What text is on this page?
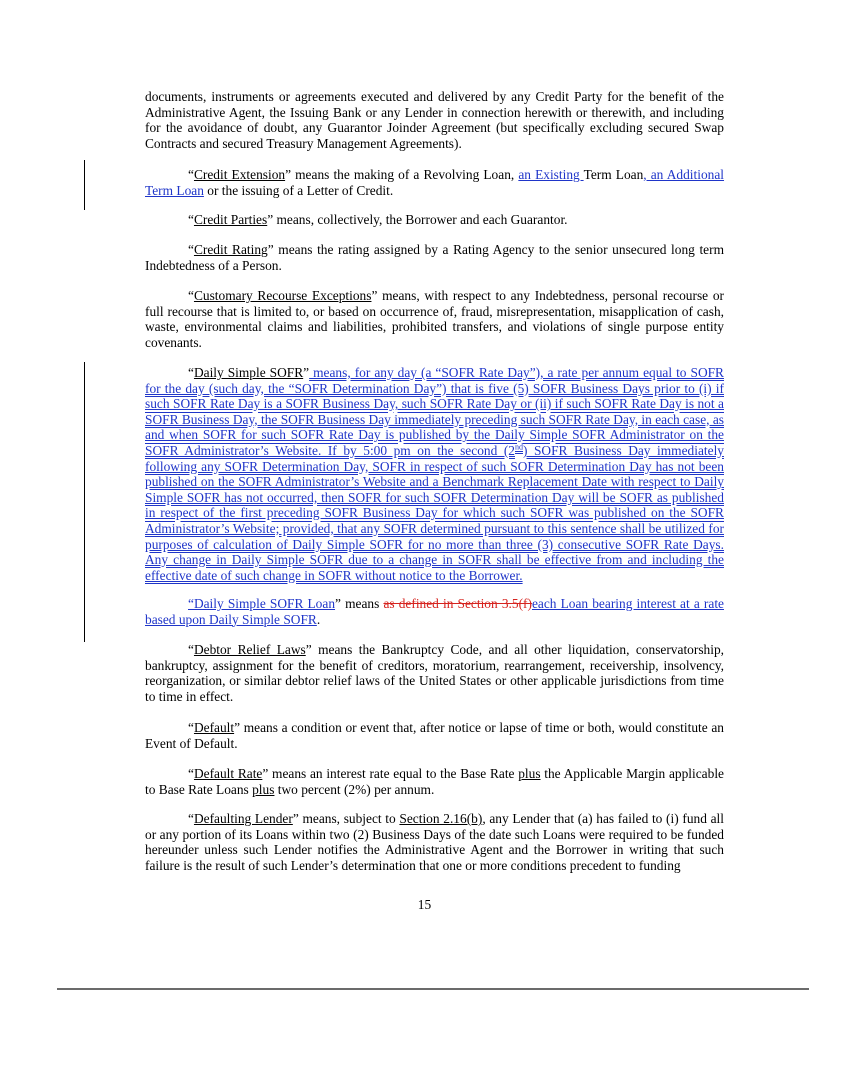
documents, instruments or agreements executed and delivered by any Credit Party for the benefit of the Administrative Agent, the Issuing Bank or any Lender in connection herewith or therewith, and including for the avoidance of doubt, any Guarantor Joinder Agreement (but specifically excluding secured Swap Contracts and secured Treasury Management Agreements).

“Credit Extension” means the making of a Revolving Loan, an Existing Term Loan, an Additional Term Loan or the issuing of a Letter of Credit.

“Credit Parties” means, collectively, the Borrower and each Guarantor.

“Credit Rating” means the rating assigned by a Rating Agency to the senior unsecured long term Indebtedness of a Person.

“Customary Recourse Exceptions” means, with respect to any Indebtedness, personal recourse or full recourse that is limited to, or based on occurrence of, fraud, misrepresentation, misapplication of cash, waste, environmental claims and liabilities, prohibited transfers, and violations of single purpose entity covenants.

“Daily Simple SOFR” means, for any day (a “SOFR Rate Day”), a rate per annum equal to SOFR for the day (such day, the “SOFR Determination Day”) that is five (5) SOFR Business Days prior to (i) if such SOFR Rate Day is a SOFR Business Day, such SOFR Rate Day or (ii) if such SOFR Rate Day is not a SOFR Business Day, the SOFR Business Day immediately preceding such SOFR Rate Day, in each case, as and when SOFR for such SOFR Rate Day is published by the Daily Simple SOFR Administrator on the SOFR Administrator’s Website. If by 5:00 pm on the second (2nd) SOFR Business Day immediately following any SOFR Determination Day, SOFR in respect of such SOFR Determination Day has not been published on the SOFR Administrator’s Website and a Benchmark Replacement Date with respect to Daily Simple SOFR has not occurred, then SOFR for such SOFR Determination Day will be SOFR as published in respect of the first preceding SOFR Business Day for which such SOFR was published on the SOFR Administrator’s Website; provided, that any SOFR determined pursuant to this sentence shall be utilized for purposes of calculation of Daily Simple SOFR for no more than three (3) consecutive SOFR Rate Days. Any change in Daily Simple SOFR due to a change in SOFR shall be effective from and including the effective date of such change in SOFR without notice to the Borrower.

“Daily Simple SOFR Loan” means as defined in Section 3.5(f)each Loan bearing interest at a rate based upon Daily Simple SOFR.

“Debtor Relief Laws” means the Bankruptcy Code, and all other liquidation, conservatorship, bankruptcy, assignment for the benefit of creditors, moratorium, rearrangement, receivership, insolvency, reorganization, or similar debtor relief laws of the United States or other applicable jurisdictions from time to time in effect.

“Default” means a condition or event that, after notice or lapse of time or both, would constitute an Event of Default.

“Default Rate” means an interest rate equal to the Base Rate plus the Applicable Margin applicable to Base Rate Loans plus two percent (2%) per annum.

“Defaulting Lender” means, subject to Section 2.16(b), any Lender that (a) has failed to (i) fund all or any portion of its Loans within two (2) Business Days of the date such Loans were required to be funded hereunder unless such Lender notifies the Administrative Agent and the Borrower in writing that such failure is the result of such Lender’s determination that one or more conditions precedent to funding

15
